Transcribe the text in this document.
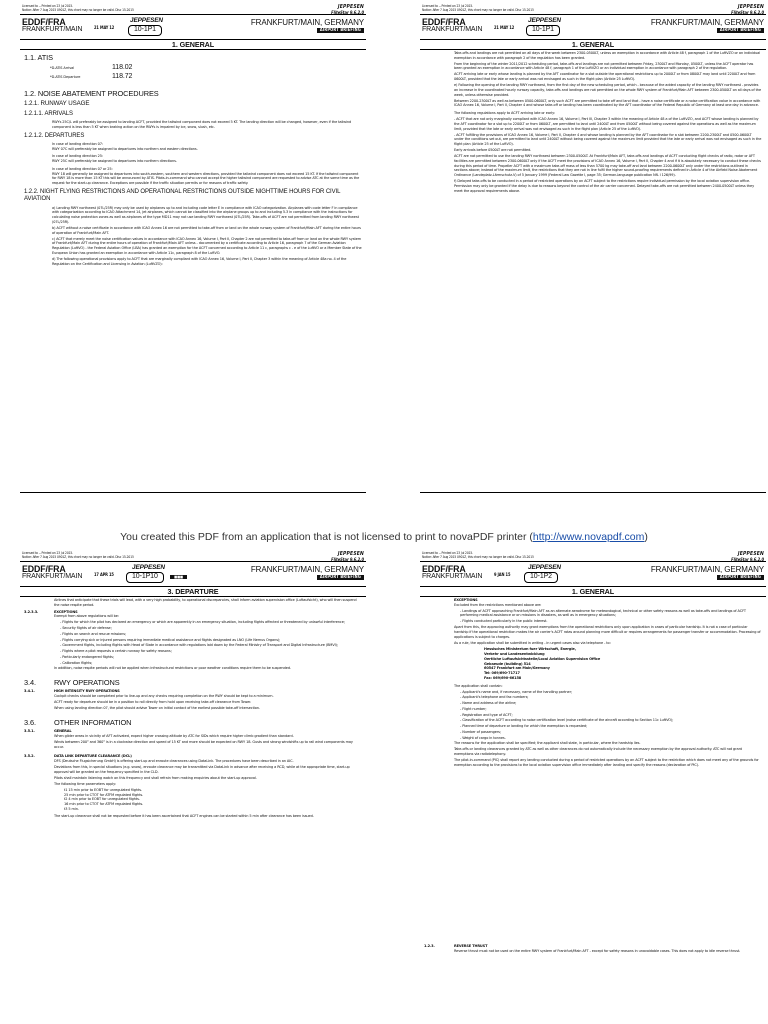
Licensed to -- Printed on 23 Jul 2015.
Notice: After 7 Aug 2015 0901Z, this chart may no longer be valid. Disc 15-2015
JEPPESEN
FliteStar 9.6.2.0
EDDF/FRA
FRANKFURT/MAIN	21 MAY 12
JEPPESEN
10-1P1
FRANKFURT/MAIN, GERMANY
AIRPORT BRIEFING
1. GENERAL
1.1. ATIS
*D-ATIS Arrival	118.02
*D-ATIS Departure	118.72
1.2. NOISE ABATEMENT PROCEDURES
1.2.1. RUNWAY USAGE
1.2.1.1. ARRIVALS

RWYs 25C/L will preferably be assigned to landing ACFT, provided the tailwind component does not exceed 5 KT. The landing direction will be changed, however, even if the tailwind component is less than 5 KT when braking action on the RWYs is impaired by ice, snow, slush, etc.

1.2.1.2. DEPARTURES

In case of landing direction 07:

RWY 07C will preferably be assigned to departures into northern and eastern directions.

In case of landing direction 25:

RWY 25C will preferably be assigned to departures into northern directions.

In case of landing direction 07 or 25:

RWY 18 will generally be assigned to departures into south-eastern, southern and western directions, provided the tailwind component does not exceed 15 KT. If the tailwind component for RWY 18 is more than 15 KT this will be announced by ATIS. Pilots-in-command who cannot accept the higher tailwind component are requested to advise ATC at the same time as the request for the start-up clearance. Exceptions are possible if the traffic situation permits or for reasons of traffic safety.

1.2.2. NIGHT FLYING RESTRICTIONS AND OPERATIONAL RESTRICTIONS OUTSIDE NIGHTTIME HOURS FOR CIVIL AVIATION

a) Landing RWY northwest (07L/25R) may only be used by airplanes up to and including code letter E in compliance with ICAO categorization. Airplanes with code letter F in compliance with categorization according to ICAO Attachment 14, jet airplanes, which cannot be classified into the airplane groups up to and including 5.3 in compliance with the instructions for calculating noise protection zones as well as airplanes of the type MD11 may not use landing RWY northwest (07L/25R). Take-offs of ACFT are not permitted from landing RWY northwest (07L/25R).

b) ACFT without a noise certificate in accordance with ICAO Annex 16 are not permitted to take-off from or land on the whole runway system of Frankfurt/Main AFT during the entire hours of operation of Frankfurt/Main AFT.

c) ACFT that merely meet the noise certification values in accordance with ICAO Annex 16, Volume I, Part II, Chapter 2 are not permitted to take-off from or land on the whole RWY system of Frankfurt/Main AFT during the entire hours of operation of Frankfurt/Main AFT unless - documented by a certificate according to Article 16, paragraph 7 of the German Aviation Regulation (LuftVO) - the Federal Aviation Office (LBA) has granted an exemption for the ACFT concerned according to Article 11 c, paragraphs c - e of the LuftVO or a Member State of the European Union has granted an exemption in accordance with Article 11c, paragraph 8 of the LuftVO.

d) The following operational provisions apply to ACFT that are marginally compliant with ICAO Annex 16, Volume I, Part II, Chapter 3 within the meaning of Article 48a no. 4 of the Regulation on the Certification and Licensing in Aviation (LuftVZO):

Licensed to -- Printed on 23 Jul 2015.
Notice: After 7 Aug 2015 0901Z, this chart may no longer be valid. Disc 15-2015
JEPPESEN
FliteStar 9.6.2.0
EDDF/FRA
FRANKFURT/MAIN	21 MAY 12
JEPPESEN
10-1P1
FRANKFURT/MAIN, GERMANY
AIRPORT BRIEFING
1. GENERAL

Take-offs and landings are not permitted on all days of the week between 2300-0500LT, unless an exemption in accordance with Article 48 f, paragraph 1 of the LuftVZO or an individual exemption in accordance with paragraph 2 of the regulation has been granted.

From the beginning of the winter 2011/2012 scheduling period, take-offs and landings are not permitted between Friday, 2300LT and Monday, 0500LT, unless the ACFT operator has been granted an exemption in accordance with Article 48 f, paragraph 1 of the LuftVZO or an individual exemption in accordance with paragraph 2 of the regulation.

ACFT arriving late or early whose landing is planned by the AFT coordinator for a slot outside the operational restrictions up to 2000LT or from 0800LT may land until 2200LT and from 0600LT, provided that the late or early arrival was not envisaged as such in the flight plan (Article 25 LuftVO).

e) Following the opening of the landing RWY northwest, from the first day of the new scheduling period, which - because of the added capacity of the landing RWY northwest - provides an increase in the coordinated hourly runway capacity, take-offs and landings are not permitted on the whole RWY system of Frankfurt/Main AFT between 2300-0500LT on all days of the week, unless otherwise provided.

Between 2200-2300LT as well as between 0500-0600LT, only such ACFT are permitted to take off and land that - have a noise certificate or a noise certification value in accordance with ICAO Annex 16, Volume I, Part II, Chapter 4 and whose take-off or landing has been coordinated by the AFT coordinator of the Federal Republic of Germany at least one day in advance.

The following regulations apply to ACFT arriving late or early:

- ACFT that are not only marginally compliant with ICAO Annex 16, Volume I, Part III, Chapter 3 within the meaning of Article 48 a of the LuftVZO, and ACFT whose landing is planned by the AFT coordinator for a slot up to 2200LT or from 0600LT, are permitted to land until 2400LT and from 0500LT without being covered against the operations as well as the maximum limit, provided that the late or early arrival was not envisaged as such in the flight plan (Article 25 of the LuftVO).

- ACFT fulfilling the provisions of ICAO Annex 16, Volume I, Part II, Chapter 4 and whose landing is planned by the AFT coordinator for a slot between 2200-2300LT and 0500-0600LT under the conditions set out, are permitted to land until 2400LT without being covered against the maximum limit provided that the late or early arrival was not envisaged as such in the flight plan (Article 25 of the LuftVO).

Early arrivals before 0500LT are not permitted.

ACFT are not permitted to use the landing RWY northwest between 2300-0500LT. At Frankfurt/Main AFT, take-offs and landings of ACFT conducting flight checks of radio, radar or AFT facilities are permitted between 2300-0600LT only if the ACFT meet the provisions of ICAO Annex 16, Volume I, Part II, Chapter 4 and if it is absolutely necessary to conduct these checks during this period of time. Propeller ACFT with a maximum take-off mass of less than 5700 kg may take-off and land between 2200-0600LT only under the restrictions outlined in sections above; instead of the maximum limit, the restrictions that they are not in line fulfil the higher sound-proofing requirements defined in Article 4 of the Airfield Noise Abatement Ordinance (Landeplatz-Lärmschutz-V) of 5 January 1999 (Federal Law Gazette I, page 35; German-language publication NfL I 126/99).

f) Delayed take-offs to be conducted in a period of restricted operations by an ACFT subject to the restrictions require individual permission by the local aviation supervision office. Permission may only be granted if the delay is due to reasons beyond the control of the air carrier concerned. Delayed take-offs are not permitted between 2400-0500LT unless they meet the approval requirements above.

You created this PDF from an application that is not licensed to print to novaPDF printer (http://www.novapdf.com)
Licensed to -- Printed on 23 Jul 2015.
Notice: After 7 Aug 2015 0901Z, this chart may no longer be valid. Disc 15-2015
JEPPESEN
FliteStar 9.6.2.0
EDDF/FRA
FRANKFURT/MAIN	17 APR 15
JEPPESEN
10-1P10	■■■
FRANKFURT/MAIN, GERMANY
AIRPORT BRIEFING
3. DEPARTURE

Airlines that anticipate that these trials will lead, with a very high probability, to operational discrepancies, shall inform aviation supervision office (Luftaufsicht), who will then suspend the noise respite period.

3.2.3.3.	EXCEPTIONS

Exempt from above regulations will be:

- Flights for which the pilot has declared an emergency or which are apparently in an emergency situation, including flights affected or threatened by unlawful interference;
- Security flights of air defense;
- Flights on search and rescue missions;
- Flights carrying sick or injured persons requiring immediate medical assistance and flights designated as LNO (Life Nemus Organs);
- Government flights, including flights with Head of State in accordance with regulations laid down by the Federal Ministry of Transport and Digital Infrastructure (BMVI);
- Flights where a pilot requests a certain runway for safety reasons;
- Particularly endangered flights;
- Calibration flights;

In addition, noise respite periods will not be applied when infrastructural restrictions or poor weather conditions require them to be suspended.

3.4.	RWY OPERATIONS
3.4.1.	HIGH INTENSITY RWY OPERATIONS

Cockpit checks should be completed prior to line-up and any checks requiring completion on the RWY should be kept to a minimum.

ACFT ready for departure should be in a position to roll directly from hold upon receiving take-off clearance from Tower.

When using landing direction 07, the pilot should advise Tower on initial contact of the earliest possible take-off intersection.

3.6.	OTHER INFORMATION
3.5.1.	GENERAL

When glider areas in vicinity of AFT activated, expect higher crossing altitude by ATC for SIDs which require higher climb gradient than standard.

Winds between 200° and 360° is in a clockwise direction and speed of 15 KT and more should be expected on RWY 18. Gusts and strong windshifts up to rail wind components may occur.

3.5.2.	DATA LINK DEPARTURE CLEARANCE (DCL)

DFS (Deutsche Flugsicherung GmbH) is offering start-up and enroute clearances using DataLink. The procedures have been described in an AIC.

Deviations from this, in special situations (e.g. snow), enroute clearance may be transmitted via DataLink in advance after receiving a RCD, while at the appropriate time, start-up approval will be granted on the frequency specified in the CLD.

Pilots shall maintain listening watch on this frequency and shall refrain from making enquiries about the start-up approval.

The following time parameters apply:

t1 15 min prior to EOBT for unregulated flights.
25 min prior to CTOT for ATFM regulated flights.
t2 4 min prior to EOBT for unregulated flights.
16 min prior to CTOT for ATFM regulated flights.
t3 5 min.

The start-up clearance shall not be requested before it has been ascertained that ACFT engines can be started within 5 min after clearance has been issued.

Licensed to -- Printed on 23 Jul 2015.
Notice: After 7 Aug 2015 0901Z, this chart may no longer be valid. Disc 15-2015
JEPPESEN
FliteStar 9.6.2.0
EDDF/FRA
FRANKFURT/MAIN	9 JAN 15
JEPPESEN
10-1P2
FRANKFURT/MAIN, GERMANY
AIRPORT BRIEFING
1. GENERAL
EXCEPTIONS

Excluded from the restrictions mentioned above are:

- Landings of ACFT approaching Frankfurt/Main AFT as an alternate aerodrome for meteorological, technical or other safety reasons as well as take-offs and landings of ACFT performing medical assistance or on missions in disasters, as well as in emergency situations;
- Flights conducted particularly in the public interest.

Apart from this, the approving authority may grant exemptions from the operational restrictions only upon application in cases of particular hardship. It is not a case of particular hardship if the operational restriction makes the air carrier's ACFT rotas around planning more difficult or requires arrangements for passenger transfer or accommodation. Processing of applications is subject to charges.

As a rule, the application shall be submitted in writing - in urgent cases also via telephone - to:

Hessisches Ministerium fuer Wirtschaft, Energie,
Verkehr und Landesentwicklung
Oertliche Luftaufsichtsstelle/Local Aviation Supervision Office
Gebaeude (building) 514
60547 Frankfurt am Main/Germany
Tel: 069/690-71717
Fax: 069/690-66158

The application shall contain:

- Applicant's name and, if necessary, name of the handling partner;
- Applicant's telephone and fax numbers;
- Name and address of the airline;
- Flight number;
- Registration and type of ACFT;
- Classification of the ACFT according to noise certification level (noise certificate of the aircraft according to Section 11c LuftVO);
- Planned time of departure or landing for which the exemption is requested;
- Number of passengers;
- Weight of cargo in tonnes.

The reasons for the application shall be specified; the applicant shall state, in particular, where the hardship lies.

Take-offs or landing clearances granted by ATC as well as other clearances do not automatically include the necessary exemption by the approval authority. ATC will not grant exemptions via radiotelephony.

The pilot-in-command (PIC) shall report any landing conducted during a period of restricted operations by an ACFT subject to the restriction which does not meet any of the grounds for exemption according to the provisions to the local aviation supervision office immediately after landing and specify the reasons (declaration of PIC).

1.2.3.	REVERSE THRUST

Reverse thrust must not be used on the entire RWY system of Frankfurt/Main AFT - except for safety reasons in unavoidable cases. This does not apply to idle reverse thrust.
